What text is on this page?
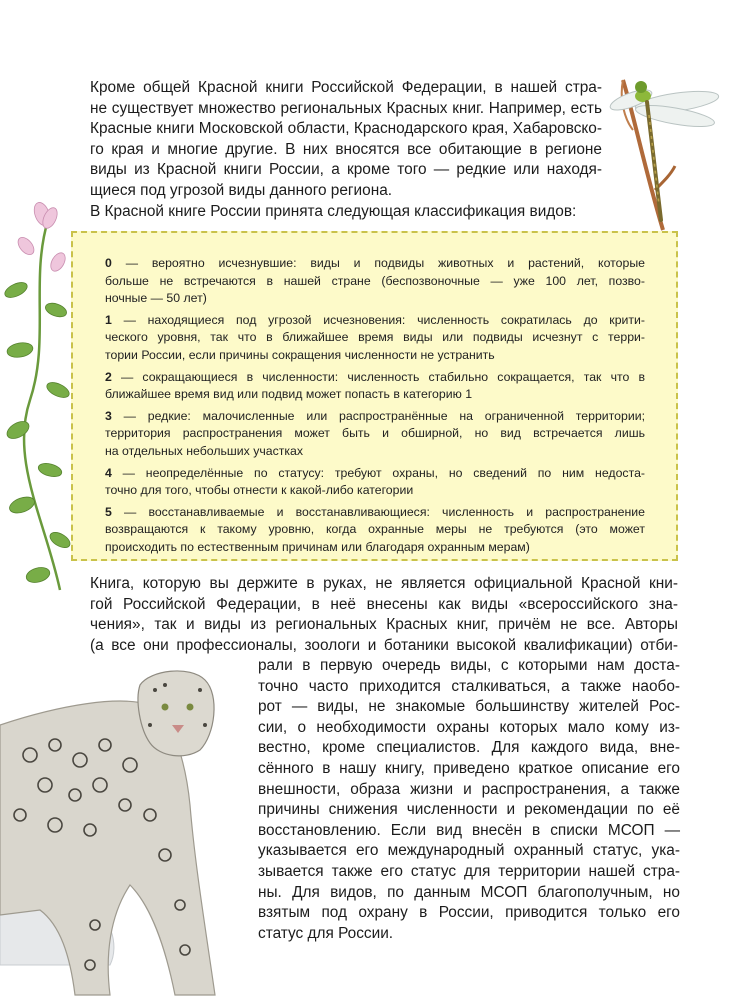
Кроме общей Красной книги Российской Федерации, в нашей стра-
не существует множество региональных Красных книг. Например, есть
Красные книги Московской области, Краснодарского края, Хабаровско-
го края и многие другие. В них вносятся все обитающие в регионе
виды из Красной книги России, а кроме того — редкие или находя-
щиеся под угрозой виды данного региона.
В Красной книге России принята следующая классификация видов:
0 — вероятно исчезнувшие: виды и подвиды животных и растений, которые
больше не встречаются в нашей стране (беспозвоночные — уже 100 лет, позво-
ночные — 50 лет)
1 — находящиеся под угрозой исчезновения: численность сократилась до крити-
ческого уровня, так что в ближайшее время виды или подвиды исчезнут с терри-
тории России, если причины сокращения численности не устранить
2 — сокращающиеся в численности: численность стабильно сокращается, так что в
ближайшее время вид или подвид может попасть в категорию 1
3 — редкие: малочисленные или распространённые на ограниченной территории;
территория распространения может быть и обширной, но вид встречается лишь
на отдельных небольших участках
4 — неопределённые по статусу: требуют охраны, но сведений по ним недоста-
точно для того, чтобы отнести к какой-либо категории
5 — восстанавливаемые и восстанавливающиеся: численность и распространение
возвращаются к такому уровню, когда охранные меры не требуются (это может
происходить по естественным причинам или благодаря охранным мерам)
Книга, которую вы держите в руках, не является официальной Красной кни-
гой Российской Федерации, в неё внесены как виды «всероссийского зна-
чения», так и виды из региональных Красных книг, причём не все. Авторы
(а все они профессионалы, зоологи и ботаники высокой квалификации) отби-
рали в первую очередь виды, с которыми нам доста-
точно часто приходится сталкиваться, а также наобо-
рот — виды, не знакомые большинству жителей Рос-
сии, о необходимости охраны которых мало кому из-
вестно, кроме специалистов. Для каждого вида, вне-
сённого в нашу книгу, приведено краткое описание его
внешности, образа жизни и распространения, а также
причины снижения численности и рекомендации по её
восстановлению. Если вид внесён в списки МСОП —
указывается его международный охранный статус, ука-
зывается также его статус для территории нашей стра-
ны. Для видов, по данным МСОП благополучным, но
взятым под охрану в России, приводится только его
статус для России.
